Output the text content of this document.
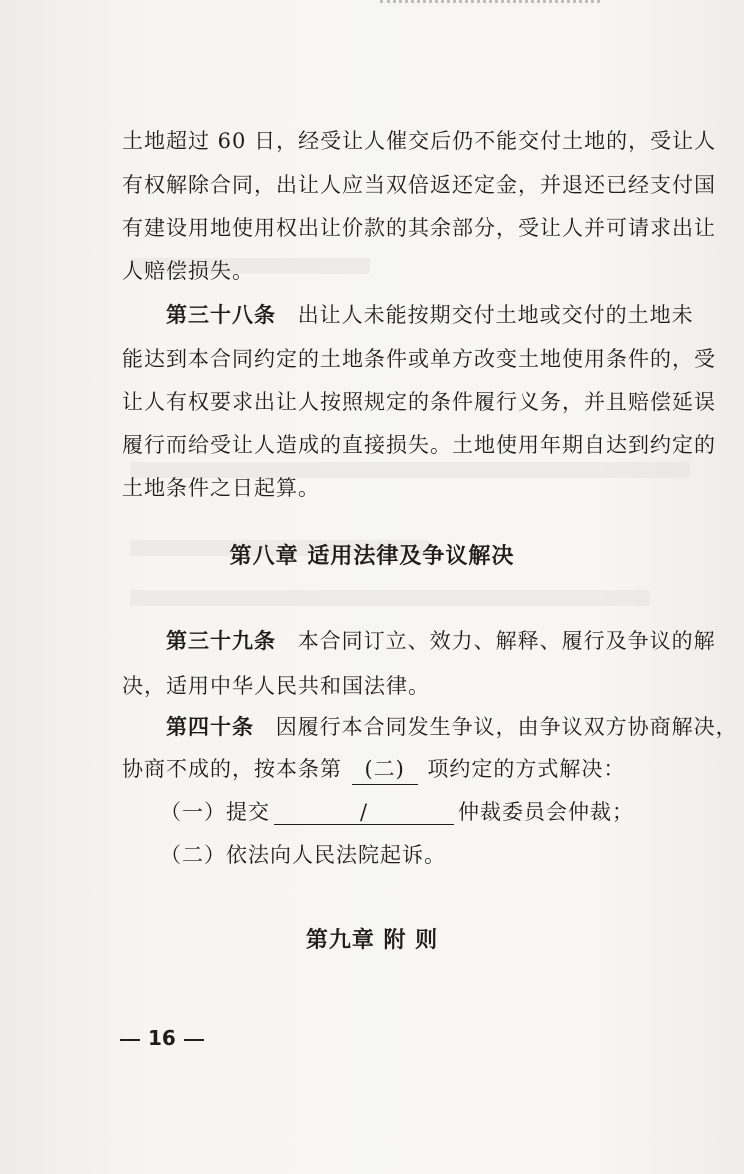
土地超过 60 日，经受让人催交后仍不能交付土地的，受让人
有权解除合同，出让人应当双倍返还定金，并退还已经支付国
有建设用地使用权出让价款的其余部分，受让人并可请求出让
人赔偿损失。
第三十八条 出让人未能按期交付土地或交付的土地未
能达到本合同约定的土地条件或单方改变土地使用条件的，受
让人有权要求出让人按照规定的条件履行义务，并且赔偿延误
履行而给受让人造成的直接损失。土地使用年期自达到约定的
土地条件之日起算。
第八章 适用法律及争议解决
第三十九条 本合同订立、效力、解释、履行及争议的解
决，适用中华人民共和国法律。
第四十条 因履行本合同发生争议，由争议双方协商解决，
协商不成的，按本条第 (二) 项约定的方式解决：
（一）提交	/	仲裁委员会仲裁；
（二）依法向人民法院起诉。
第九章 附 则
16
